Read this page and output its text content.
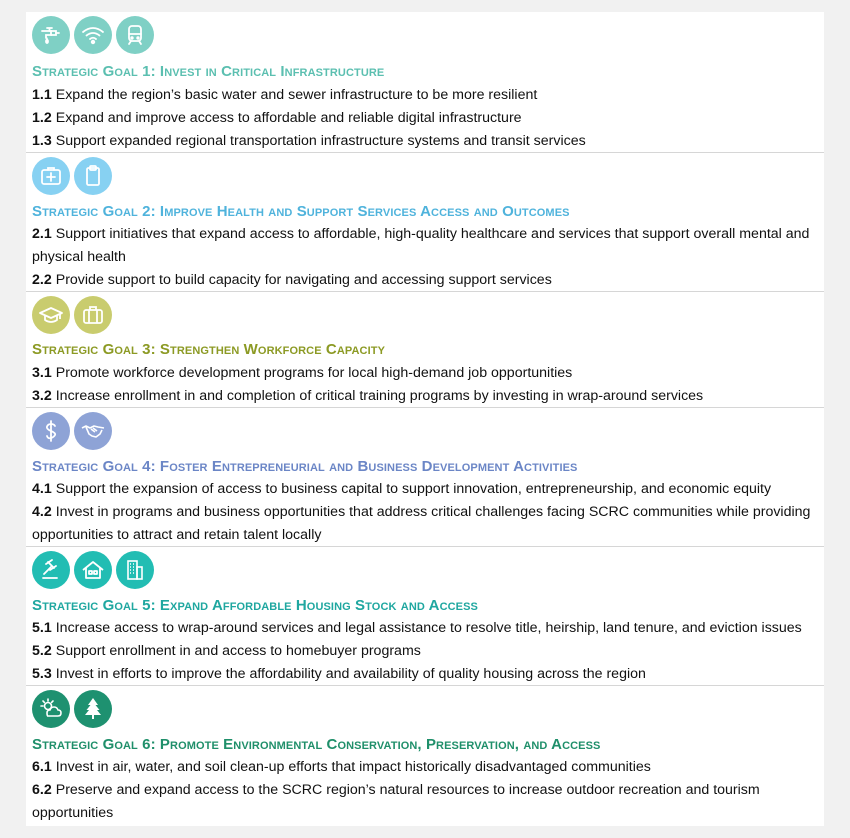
Strategic Goal 1: Invest in Critical Infrastructure
1.1 Expand the region’s basic water and sewer infrastructure to be more resilient
1.2 Expand and improve access to affordable and reliable digital infrastructure
1.3 Support expanded regional transportation infrastructure systems and transit services
Strategic Goal 2: Improve Health and Support Services Access and Outcomes
2.1 Support initiatives that expand access to affordable, high-quality healthcare and services that support overall mental and physical health
2.2 Provide support to build capacity for navigating and accessing support services
Strategic Goal 3: Strengthen Workforce Capacity
3.1 Promote workforce development programs for local high-demand job opportunities
3.2 Increase enrollment in and completion of critical training programs by investing in wrap-around services
Strategic Goal 4: Foster Entrepreneurial and Business Development Activities
4.1 Support the expansion of access to business capital to support innovation, entrepreneurship, and economic equity
4.2 Invest in programs and business opportunities that address critical challenges facing SCRC communities while providing opportunities to attract and retain talent locally
Strategic Goal 5: Expand Affordable Housing Stock and Access
5.1 Increase access to wrap-around services and legal assistance to resolve title, heirship, land tenure, and eviction issues
5.2 Support enrollment in and access to homebuyer programs
5.3 Invest in efforts to improve the affordability and availability of quality housing across the region
Strategic Goal 6: Promote Environmental Conservation, Preservation, and Access
6.1 Invest in air, water, and soil clean-up efforts that impact historically disadvantaged communities
6.2 Preserve and expand access to the SCRC region’s natural resources to increase outdoor recreation and tourism opportunities
